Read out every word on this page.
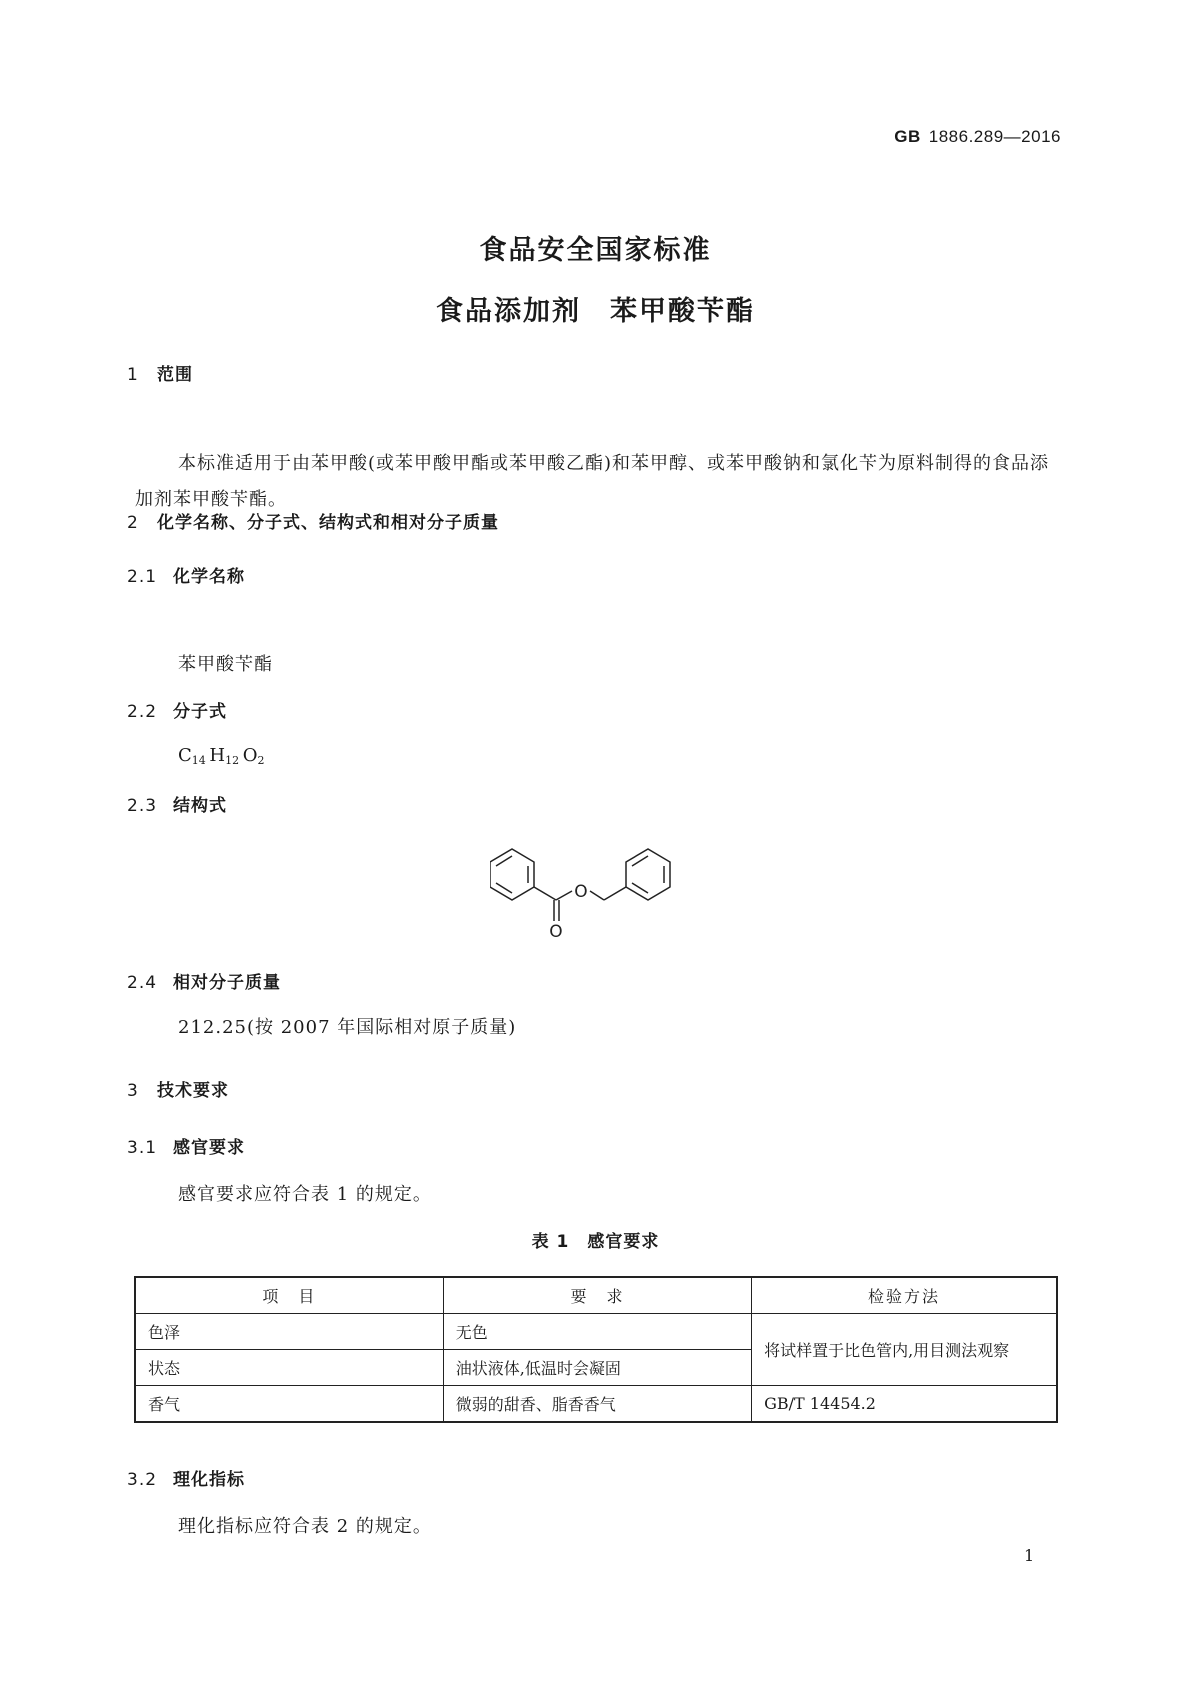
GB 1886.289—2016
食品安全国家标准
食品添加剂　苯甲酸苄酯
1 范围
本标准适用于由苯甲酸(或苯甲酸甲酯或苯甲酸乙酯)和苯甲醇、或苯甲酸钠和氯化苄为原料制得的食品添加剂苯甲酸苄酯。
2 化学名称、分子式、结构式和相对分子质量
2.1 化学名称
苯甲酸苄酯
2.2 分子式
$C_{14}$  $H_{12}$  $O_2$
2.3 结构式
O
O
2.4 相对分子质量
212.25(按 2007 年国际相对原子质量)
3 技术要求
3.1 感官要求
感官要求应符合表 1 的规定。
表 1　感官要求
项　目	要　求	检验方法
色泽	无色	将试样置于比色管内,用目测法观察
状态	油状液体,低温时会凝固	
香气	微弱的甜香、脂香香气	GB/T 14454.2
3.2 理化指标
理化指标应符合表 2 的规定。
1
